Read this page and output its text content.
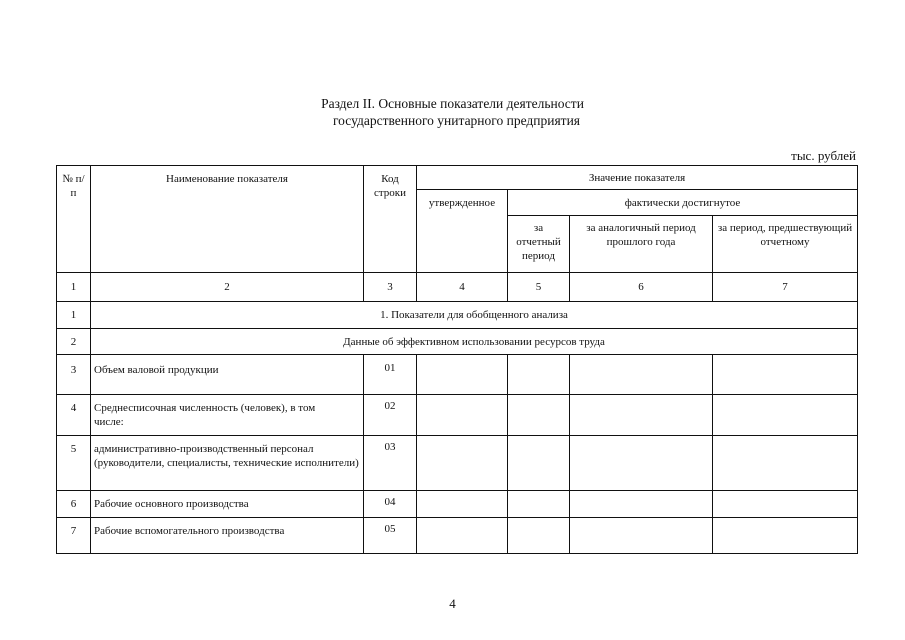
Раздел II. Основные показатели деятельности
государственного унитарного предприятия
тыс. рублей
№ п/п	Наименование показателя	Код строки	Значение показателя			
			утвержденное	фактически достигнутое		
				за отчетный период	за аналогичный период прошлого года	за период, предшествующий отчетному
1	2	3	4	5	6	7
1	1. Показатели для обобщенного анализа					
2	Данные об эффективном использовании ресурсов труда					
3	Объем валовой продукции	01				
4	Среднесписочная численность (человек), в том числе:	02				
5	административно-производственный персонал (руководители, специалисты, технические исполнители)	03				
6	Рабочие основного производства	04				
7	Рабочие вспомогательного производства	05				
4
